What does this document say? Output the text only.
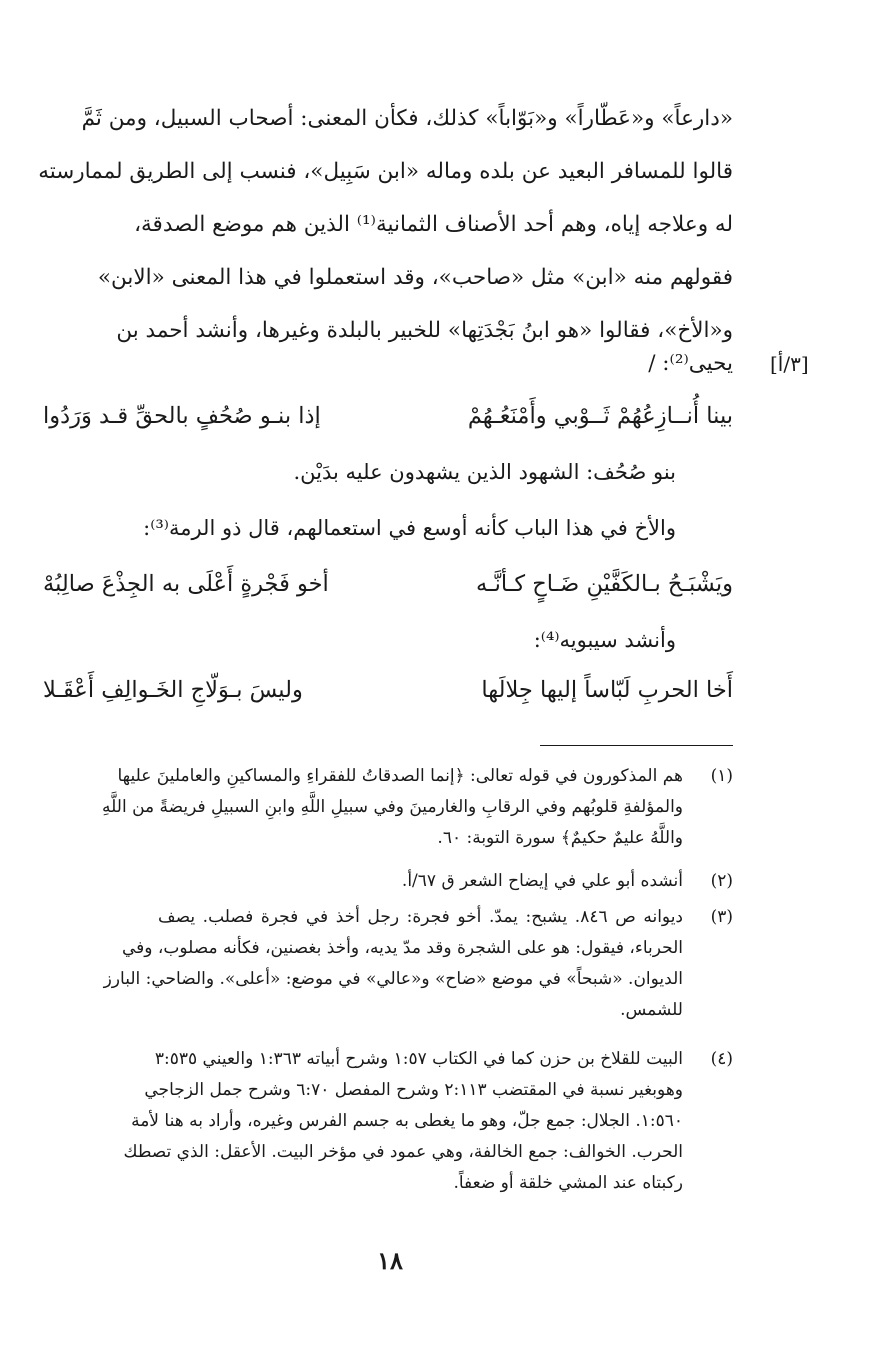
«دارعاً» و«عَطّاراً» و«بَوّاباً» كذلك، فكأن المعنى: أصحاب السبيل، ومن ثَمَّ
قالوا للمسافر البعيد عن بلده وماله «ابن سَبِيل»، فنسب إلى الطريق لممارسته
له وعلاجه إياه، وهم أحد الأصناف الثمانية⁽¹⁾ الذين هم موضع الصدقة،
فقولهم منه «ابن» مثل «صاحب»، وقد استعملوا في هذا المعنى «الابن»
و«الأخ»، فقالوا «هو ابنُ بَجْدَتِها» للخبير بالبلدة وغيرها، وأنشد أحمد بن
يحيى⁽²⁾: / [٣/أ]
بينا أُنــازِعُهُمْ ثَــوْبي وأَمْنَعُـهُمْ
إذا بنـو صُحُفٍ بالحقِّ قـد وَرَدُوا
بنو صُحُف: الشهود الذين يشهدون عليه بدَيْن.
والأخ في هذا الباب كأنه أوسع في استعمالهم، قال ذو الرمة⁽³⁾:
ويَشْبَـحُ بـالكَفَّيْنِ ضَـاحٍ كـأنَّـه
أخو فَجْرةٍ أَعْلَى به الجِذْعَ صالِبُهْ
وأنشد سيبويه⁽⁴⁾:
أَخا الحربِ لَبّاساً إليها جِلالَها
وليسَ بـوَلّاجِ الخَـوالِفِ أَعْقَـلا
(١)
هم المذكورون في قوله تعالى: ﴿إنما الصدقاتُ للفقراءِ والمساكينِ والعاملينَ عليها
والمؤلفةِ قلوبُهم وفي الرقابِ والغارمينَ وفي سبيلِ اللَّهِ وابنِ السبيلِ فريضةً من اللَّهِ
واللَّهُ عليمٌ حكيمٌ﴾ سورة التوبة: ٦٠.
(٢)
أنشده أبو علي في إيضاح الشعر ق ٦٧/أ.
(٣)
ديوانه ص ٨٤٦. يشبح: يمدّ. أخو فجرة: رجل أخذ في فجرة فصلب. يصف
الحرباء، فيقول: هو على الشجرة وقد مدّ يديه، وأخذ بغصنين، فكأنه مصلوب، وفي
الديوان. «شبحاً» في موضع «ضاح» و«عالي» في موضع: «أعلى». والضاحي: البارز
للشمس.
(٤)
البيت للقلاخ بن حزن كما في الكتاب ١:٥٧ وشرح أبياته ١:٣٦٣ والعيني ٣:٥٣٥
وهوبغير نسبة في المقتضب ٢:١١٣ وشرح المفصل ٦:٧٠ وشرح جمل الزجاجي
١:٥٦٠. الجلال: جمع جلّ، وهو ما يغطى به جسم الفرس وغيره، وأراد به هنا لأمة
الحرب. الخوالف: جمع الخالفة، وهي عمود في مؤخر البيت. الأعقل: الذي تصطك
ركبتاه عند المشي خلقة أو ضعفاً.
١٨
